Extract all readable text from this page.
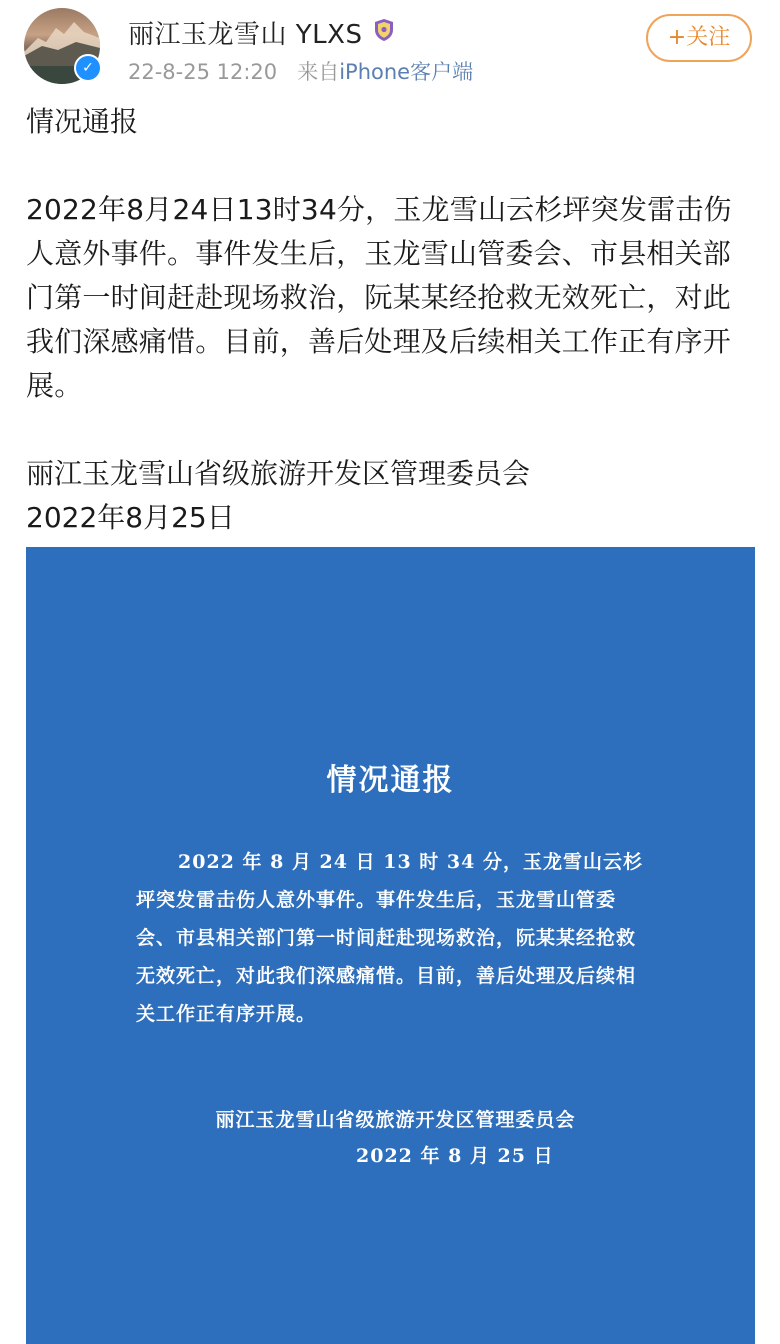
✓
丽江玉龙雪山 YLXS
22-8-25 12:20 来自iPhone客户端
+关注

情况通报

2022年8月24日13时34分，玉龙雪山云杉坪突发雷击伤人意外事件。事件发生后，玉龙雪山管委会、市县相关部门第一时间赶赴现场救治，阮某某经抢救无效死亡，对此我们深感痛惜。目前，善后处理及后续相关工作正有序开展。

丽江玉龙雪山省级旅游开发区管理委员会

2022年8月25日

情况通报
2022 年 8 月 24 日 13 时 34 分，玉龙雪山云杉坪突发雷击伤人意外事件。事件发生后，玉龙雪山管委会、市县相关部门第一时间赶赴现场救治，阮某某经抢救无效死亡，对此我们深感痛惜。目前，善后处理及后续相关工作正有序开展。
丽江玉龙雪山省级旅游开发区管理委员会
2022 年 8 月 25 日
